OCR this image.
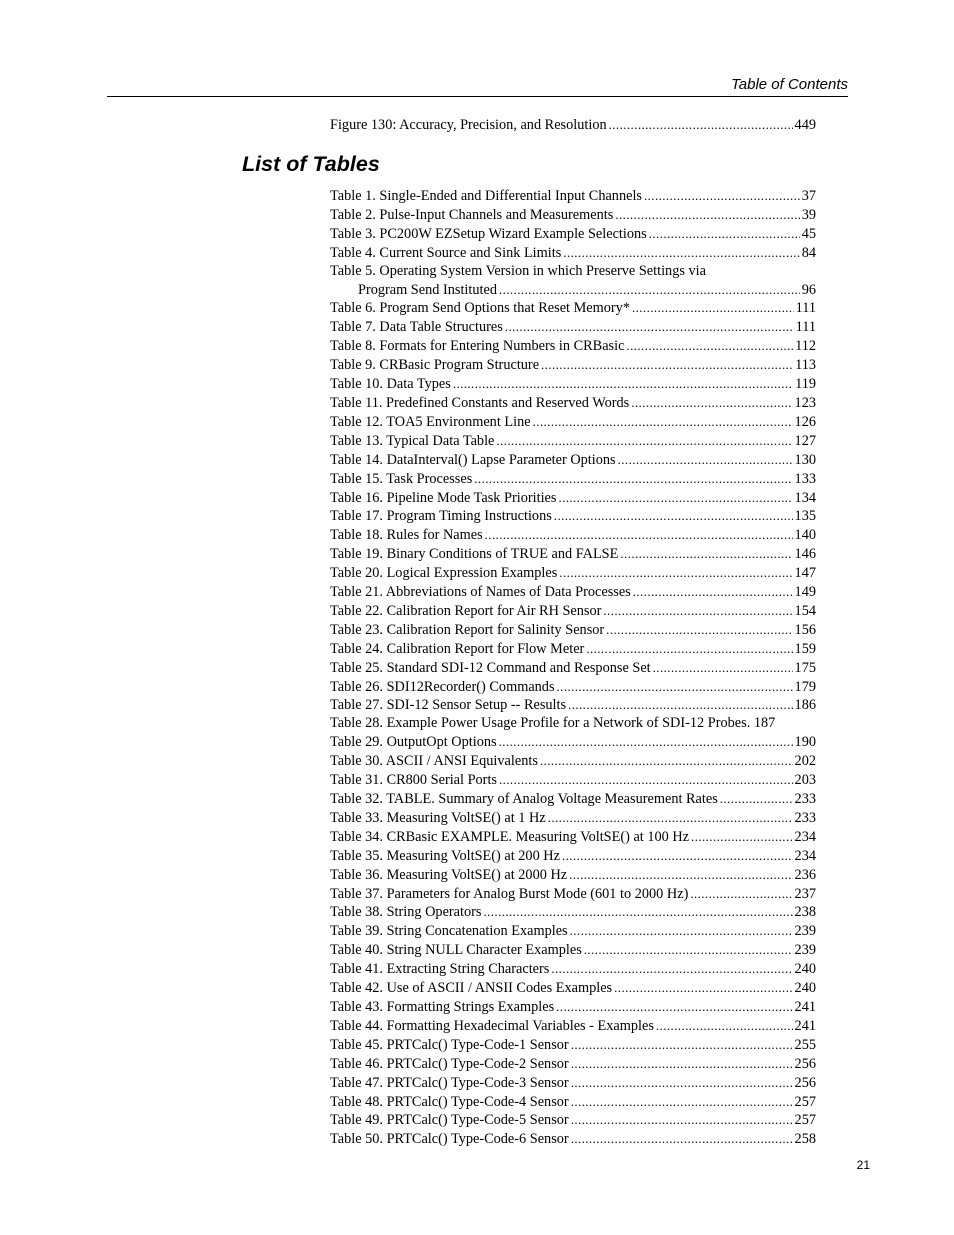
Table of Contents
Figure 130: Accuracy, Precision, and Resolution .....	449
List of Tables
Table 1. Single-Ended and Differential Input Channels .....	37
Table 2. Pulse-Input Channels and Measurements .....	39
Table 3. PC200W EZSetup Wizard Example Selections .....	45
Table 4. Current Source and Sink Limits .....	84
Table 5. Operating System Version in which Preserve Settings via
Program Send Instituted .....	96
Table 6. Program Send Options that Reset Memory* .....	111
Table 7. Data Table Structures .....	111
Table 8. Formats for Entering Numbers in CRBasic .....	112
Table 9. CRBasic Program Structure .....	113
Table 10. Data Types .....	119
Table 11. Predefined Constants and Reserved Words .....	123
Table 12. TOA5 Environment Line .....	126
Table 13. Typical Data Table .....	127
Table 14. DataInterval() Lapse Parameter Options .....	130
Table 15. Task Processes .....	133
Table 16. Pipeline Mode Task Priorities .....	134
Table 17. Program Timing Instructions .....	135
Table 18. Rules for Names .....	140
Table 19. Binary Conditions of TRUE and FALSE .....	146
Table 20. Logical Expression Examples .....	147
Table 21. Abbreviations of Names of Data Processes .....	149
Table 22. Calibration Report for Air RH Sensor .....	154
Table 23. Calibration Report for Salinity Sensor .....	156
Table 24. Calibration Report for Flow Meter .....	159
Table 25. Standard SDI-12 Command and Response Set .....	175
Table 26. SDI12Recorder() Commands .....	179
Table 27. SDI-12 Sensor Setup -- Results .....	186
Table 28. Example Power Usage Profile for a Network of SDI-12 Probes . 187
Table 29. OutputOpt Options .....	190
Table 30. ASCII / ANSI Equivalents .....	202
Table 31. CR800 Serial Ports .....	203
Table 32. TABLE. Summary of Analog Voltage Measurement Rates .....	233
Table 33. Measuring VoltSE() at 1 Hz .....	233
Table 34. CRBasic EXAMPLE. Measuring VoltSE() at 100 Hz .....	234
Table 35. Measuring VoltSE() at 200 Hz .....	234
Table 36. Measuring VoltSE() at 2000 Hz .....	236
Table 37. Parameters for Analog Burst Mode (601 to 2000 Hz) .....	237
Table 38. String Operators .....	238
Table 39. String Concatenation Examples .....	239
Table 40. String NULL Character Examples .....	239
Table 41. Extracting String Characters .....	240
Table 42. Use of ASCII / ANSII Codes Examples .....	240
Table 43. Formatting Strings Examples .....	241
Table 44. Formatting Hexadecimal Variables - Examples .....	241
Table 45. PRTCalc() Type-Code-1 Sensor .....	255
Table 46. PRTCalc() Type-Code-2 Sensor .....	256
Table 47. PRTCalc() Type-Code-3 Sensor .....	256
Table 48. PRTCalc() Type-Code-4 Sensor .....	257
Table 49. PRTCalc() Type-Code-5 Sensor .....	257
Table 50. PRTCalc() Type-Code-6 Sensor .....	258
21
